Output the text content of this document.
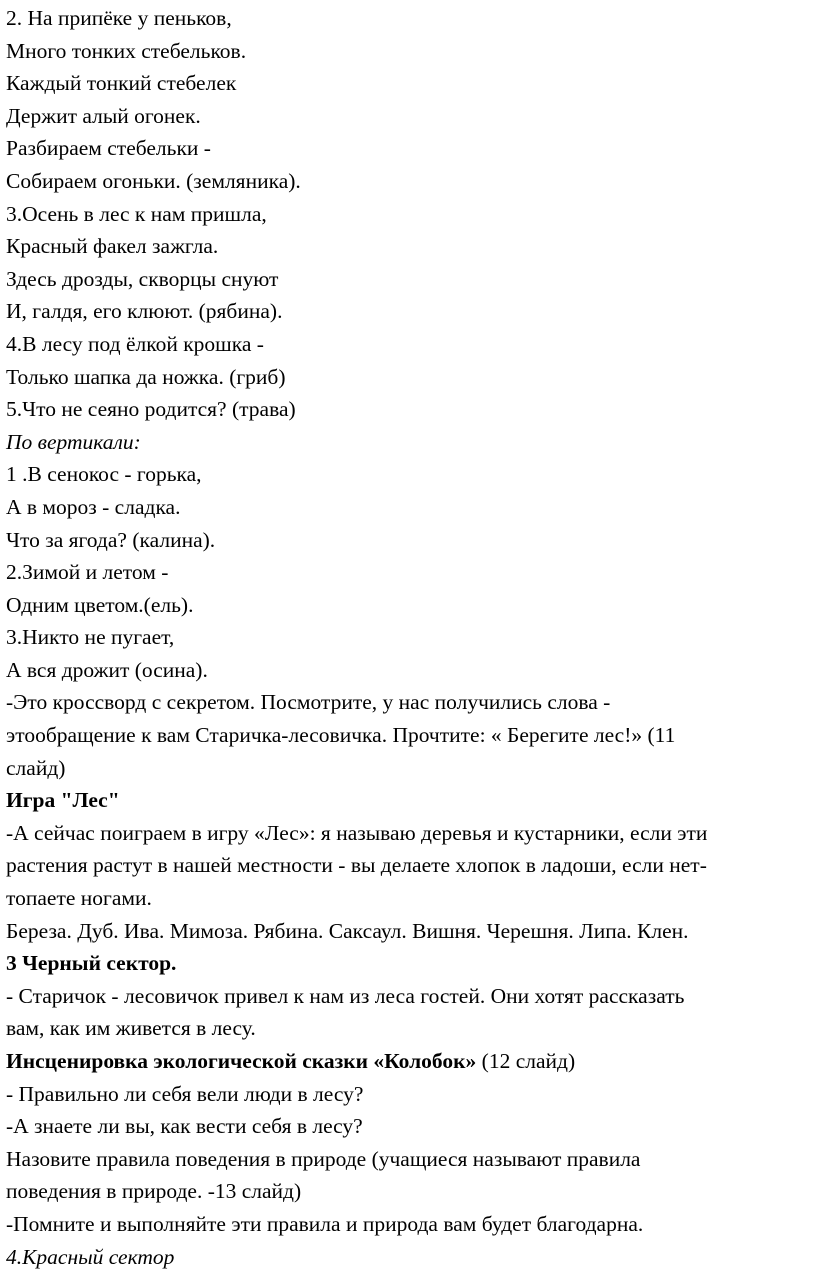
2. На припёке у пеньков,

Много тонких стебельков.

Каждый тонкий стебелек

Держит алый огонек.

Разбираем стебельки -

Собираем огоньки. (земляника).

3.Осень в лес к нам пришла,

Красный факел зажгла.

Здесь дрозды, скворцы снуют

И, галдя, его клюют. (рябина).

4.В лесу под ёлкой крошка -

Только шапка да ножка. (гриб)

5.Что не сеяно родится? (трава)

По вертикали:

1 .В сенокос - горька,

А в мороз - сладка.

Что за ягода? (калина).

2.Зимой и летом -

Одним цветом.(ель).

3.Никто не пугает,

А вся дрожит (осина).

-Это кроссворд с секретом. Посмотрите, у нас получились слова -

этообращение к вам Старичка-лесовичка. Прочтите: « Берегите лес!» (11

слайд)

Игра "Лес"

-А сейчас поиграем в игру «Лес»: я называю деревья и кустарники, если эти

растения растут в нашей местности - вы делаете хлопок в ладоши, если нет-

топаете ногами.

Береза. Дуб. Ива. Мимоза. Рябина. Саксаул. Вишня. Черешня. Липа. Клен.

3 Черный сектор.

- Старичок - лесовичок привел к нам из леса гостей. Они хотят рассказать

вам, как им живется в лесу.

Инсценировка экологической сказки «Колобок» (12 слайд)

- Правильно ли себя вели люди в лесу?

-А знаете ли вы, как вести себя в лесу?

Назовите правила поведения в природе (учащиеся называют правила

поведения в природе. -13 слайд)

-Помните и выполняйте эти правила и природа вам будет благодарна.

4.Красный сектор
